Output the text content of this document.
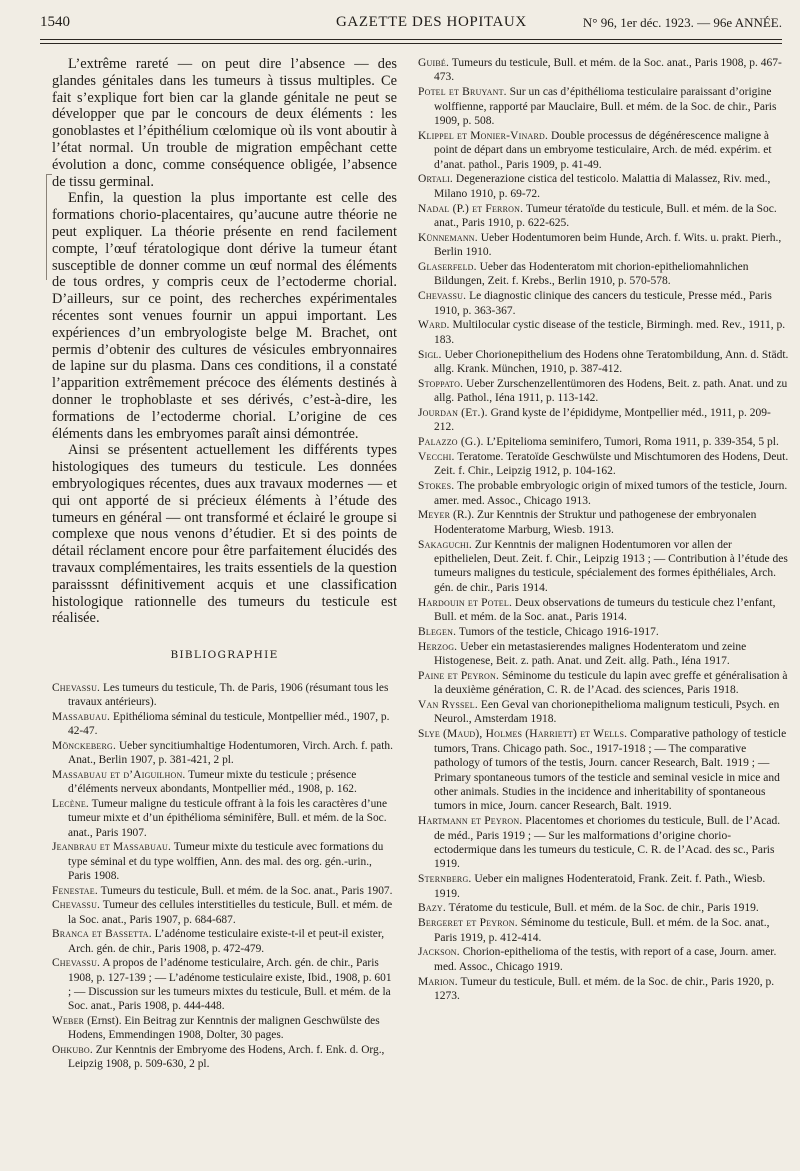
1540	GAZETTE DES HOPITAUX	N° 96, 1er déc. 1923. — 96e ANNÉE.

L’extrême rareté — on peut dire l’absence — des glandes génitales dans les tumeurs à tissus multiples. Ce fait s’explique fort bien car la glande génitale ne peut se développer que par le concours de deux éléments : les gonoblastes et l’épithélium cœlomique où ils vont aboutir à l’état normal. Un trouble de migration empêchant cette évolution a donc, comme conséquence obligée, l’absence de tissu germinal.

Enfin, la question la plus importante est celle des formations chorio-placentaires, qu’aucune autre théorie ne peut expliquer. La théorie présente en rend facilement compte, l’œuf tératologique dont dérive la tumeur étant susceptible de donner comme un œuf normal des éléments de tous ordres, y compris ceux de l’ectoderme chorial. D’ailleurs, sur ce point, des recherches expérimentales récentes sont venues fournir un appui important. Les expériences d’un embryologiste belge M. Brachet, ont permis d’obtenir des cultures de vésicules embryonnaires de lapine sur du plasma. Dans ces conditions, il a constaté l’apparition extrêmement précoce des éléments destinés à donner le trophoblaste et ses dérivés, c’est-à-dire, les formations de l’ectoderme chorial. L’origine de ces éléments dans les embryomes paraît ainsi démontrée.

Ainsi se présentent actuellement les différents types histologiques des tumeurs du testicule. Les données embryologiques récentes, dues aux travaux modernes — et qui ont apporté de si précieux éléments à l’étude des tumeurs en général — ont transformé et éclairé le groupe si complexe que nous venons d’étudier. Et si des points de détail réclament encore pour être parfaitement élucidés des travaux complémentaires, les traits essentiels de la question paraisssnt définitivement acquis et une classification histologique rationnelle des tumeurs du testicule est réalisée.

BIBLIOGRAPHIE
Chevassu. Les tumeurs du testicule, Th. de Paris, 1906 (résumant tous les travaux antérieurs).
Massabuau. Epithélioma séminal du testicule, Montpellier méd., 1907, p. 42-47.
Mönckeberg. Ueber syncitiumhaltige Hodentumoren, Virch. Arch. f. path. Anat., Berlin 1907, p. 381-421, 2 pl.
Massabuau et d’Aiguilhon. Tumeur mixte du testicule ; présence d’éléments nerveux abondants, Montpellier méd., 1908, p. 162.
Lecène. Tumeur maligne du testicule offrant à la fois les caractères d’une tumeur mixte et d’un épithélioma séminifère, Bull. et mém. de la Soc. anat., Paris 1907.
Jeanbrau et Massabuau. Tumeur mixte du testicule avec formations du type séminal et du type wolffien, Ann. des mal. des org. gén.-urin., Paris 1908.
Fenestae. Tumeurs du testicule, Bull. et mém. de la Soc. anat., Paris 1907.
Chevassu. Tumeur des cellules interstitielles du testicule, Bull. et mém. de la Soc. anat., Paris 1907, p. 684-687.
Branca et Bassetta. L’adénome testiculaire existe-t-il et peut-il exister, Arch. gén. de chir., Paris 1908, p. 472-479.
Chevassu. A propos de l’adénome testiculaire, Arch. gén. de chir., Paris 1908, p. 127-139 ; — L’adénome testiculaire existe, Ibid., 1908, p. 601 ; — Discussion sur les tumeurs mixtes du testicule, Bull. et mém. de la Soc. anat., Paris 1908, p. 444-448.
Weber (Ernst). Ein Beitrag zur Kenntnis der malignen Geschwülste des Hodens, Emmendingen 1908, Dolter, 30 pages.
Ohkubo. Zur Kenntnis der Embryome des Hodens, Arch. f. Enk. d. Org., Leipzig 1908, p. 509-630, 2 pl.
Guibé. Tumeurs du testicule, Bull. et mém. de la Soc. anat., Paris 1908, p. 467-473.
Potel et Bruyant. Sur un cas d’épithélioma testiculaire paraissant d’origine wolffienne, rapporté par Mauclaire, Bull. et mém. de la Soc. de chir., Paris 1909, p. 508.
Klippel et Monier-Vinard. Double processus de dégénérescence maligne à point de départ dans un embryome testiculaire, Arch. de méd. expérim. et d’anat. pathol., Paris 1909, p. 41-49.
Ortali. Degenerazione cistica del testicolo. Malattia di Malassez, Riv. med., Milano 1910, p. 69-72.
Nadal (P.) et Ferron. Tumeur tératoïde du testicule, Bull. et mém. de la Soc. anat., Paris 1910, p. 622-625.
Künnemann. Ueber Hodentumoren beim Hunde, Arch. f. Wits. u. prakt. Pierh., Berlin 1910.
Glaserfeld. Ueber das Hodenteratom mit chorion-epitheliomahnlichen Bildungen, Zeit. f. Krebs., Berlin 1910, p. 570-578.
Chevassu. Le diagnostic clinique des cancers du testicule, Presse méd., Paris 1910, p. 363-367.
Ward. Multilocular cystic disease of the testicle, Birmingh. med. Rev., 1911, p. 183.
Sigl. Ueber Chorionepithelium des Hodens ohne Teratombildung, Ann. d. Städt. allg. Krank. München, 1910, p. 387-412.
Stoppato. Ueber Zurschenzellentümoren des Hodens, Beit. z. path. Anat. und zu allg. Pathol., Iéna 1911, p. 113-142.
Jourdan (Et.). Grand kyste de l’épididyme, Montpellier méd., 1911, p. 209-212.
Palazzo (G.). L’Epitelioma seminifero, Tumori, Roma 1911, p. 339-354, 5 pl.
Vecchi. Teratome. Teratoïde Geschwülste und Mischtumoren des Hodens, Deut. Zeit. f. Chir., Leipzig 1912, p. 104-162.
Stokes. The probable embryologic origin of mixed tumors of the testicle, Journ. amer. med. Assoc., Chicago 1913.
Meyer (R.). Zur Kenntnis der Struktur und pathogenese der embryonalen Hodenteratome Marburg, Wiesb. 1913.
Sakaguchi. Zur Kenntnis der malignen Hodentumoren vor allen der epithelielen, Deut. Zeit. f. Chir., Leipzig 1913 ; — Contribution à l’étude des tumeurs malignes du testicule, spécialement des formes épithéliales, Arch. gén. de chir., Paris 1914.
Hardouin et Potel. Deux observations de tumeurs du testicule chez l’enfant, Bull. et mém. de la Soc. anat., Paris 1914.
Blegen. Tumors of the testicle, Chicago 1916-1917.
Herzog. Ueber ein metastasierendes malignes Hodenteratom und zeine Histogenese, Beit. z. path. Anat. und Zeit. allg. Path., Iéna 1917.
Paine et Peyron. Séminome du testicule du lapin avec greffe et généralisation à la deuxième génération, C. R. de l’Acad. des sciences, Paris 1918.
Van Ryssel. Een Geval van chorionepithelioma malignum testiculi, Psych. en Neurol., Amsterdam 1918.
Slye (Maud), Holmes (Harriett) et Wells. Comparative pathology of testicle tumors, Trans. Chicago path. Soc., 1917-1918 ; — The comparative pathology of tumors of the testis, Journ. cancer Research, Balt. 1919 ; — Primary spontaneous tumors of the testicle and seminal vesicle in mice and other animals. Studies in the incidence and inheritability of spontaneous tumors in mice, Journ. cancer Research, Balt. 1919.
Hartmann et Peyron. Placentomes et choriomes du testicule, Bull. de l’Acad. de méd., Paris 1919 ; — Sur les malformations d’origine chorio-ectodermique dans les tumeurs du testicule, C. R. de l’Acad. des sc., Paris 1919.
Sternberg. Ueber ein malignes Hodenteratoid, Frank. Zeit. f. Path., Wiesb. 1919.
Bazy. Tératome du testicule, Bull. et mém. de la Soc. de chir., Paris 1919.
Bergeret et Peyron. Séminome du testicule, Bull. et mém. de la Soc. anat., Paris 1919, p. 412-414.
Jackson. Chorion-epithelioma of the testis, with report of a case, Journ. amer. med. Assoc., Chicago 1919.
Marion. Tumeur du testicule, Bull. et mém. de la Soc. de chir., Paris 1920, p. 1273.
